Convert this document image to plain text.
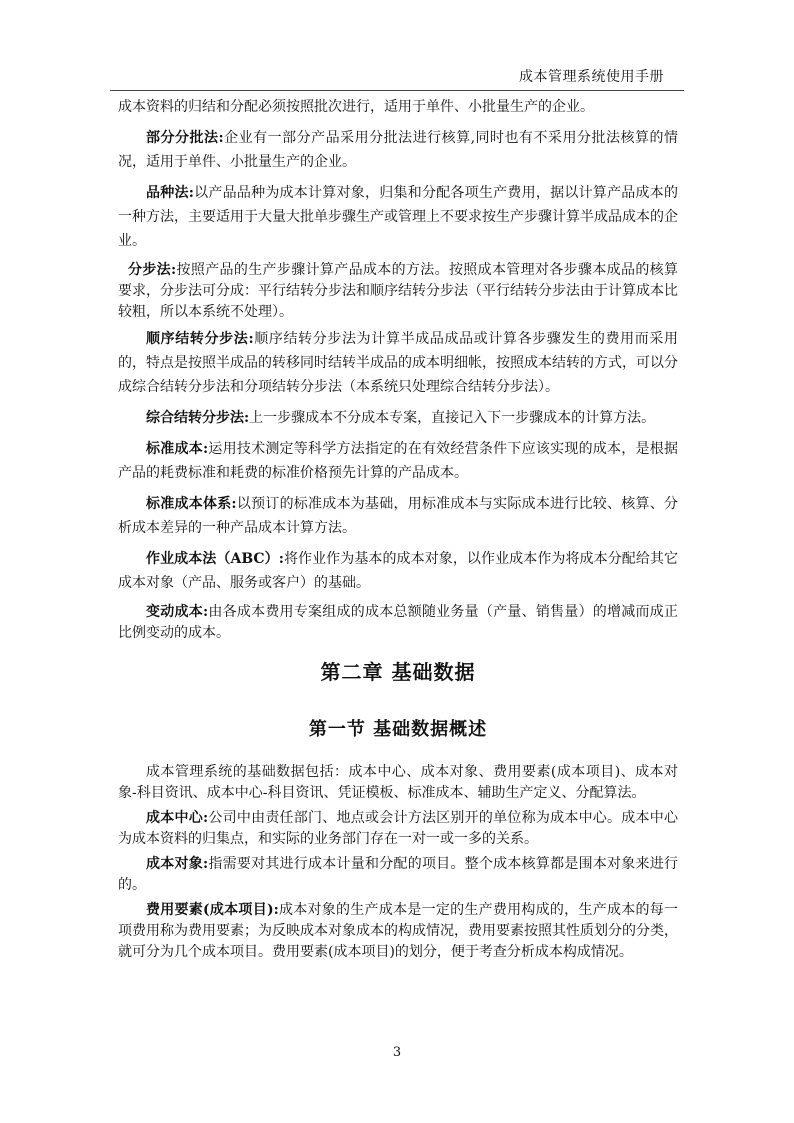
成本管理系统使用手册

成本资料的归结和分配必须按照批次进行，适用于单件、小批量生产的企业。

部分分批法:企业有一部分产品采用分批法进行核算,同时也有不采用分批法核算的情况，适用于单件、小批量生产的企业。

品种法:以产品品种为成本计算对象，归集和分配各项生产费用，据以计算产品成本的一种方法，主要适用于大量大批单步骤生产或管理上不要求按生产步骤计算半成品成本的企业。

分步法:按照产品的生产步骤计算产品成本的方法。按照成本管理对各步骤本成品的核算要求，分步法可分成：平行结转分步法和顺序结转分步法（平行结转分步法由于计算成本比较粗，所以本系统不处理）。

顺序结转分步法:顺序结转分步法为计算半成品成品或计算各步骤发生的费用而采用的，特点是按照半成品的转移同时结转半成品的成本明细帐，按照成本结转的方式，可以分成综合结转分步法和分项结转分步法（本系统只处理综合结转分步法）。

综合结转分步法:上一步骤成本不分成本专案，直接记入下一步骤成本的计算方法。

标准成本:运用技术测定等科学方法指定的在有效经营条件下应该实现的成本，是根据产品的耗费标准和耗费的标准价格预先计算的产品成本。

标准成本体系:以预订的标准成本为基础，用标准成本与实际成本进行比较、核算、分析成本差异的一种产品成本计算方法。

作业成本法（ABC）:将作业作为基本的成本对象，以作业成本作为将成本分配给其它成本对象（产品、服务或客户）的基础。

变动成本:由各成本费用专案组成的成本总额随业务量（产量、销售量）的增减而成正比例变动的成本。

第二章 基础数据
第一节 基础数据概述

成本管理系统的基础数据包括：成本中心、成本对象、费用要素(成本项目)、成本对象-科目资讯、成本中心-科目资讯、凭证模板、标准成本、辅助生产定义、分配算法。

成本中心:公司中由责任部门、地点或会计方法区别开的单位称为成本中心。成本中心为成本资料的归集点，和实际的业务部门存在一对一或一多的关系。

成本对象:指需要对其进行成本计量和分配的项目。整个成本核算都是围本对象来进行的。

费用要素(成本项目):成本对象的生产成本是一定的生产费用构成的，生产成本的每一项费用称为费用要素；为反映成本对象成本的构成情况，费用要素按照其性质划分的分类，就可分为几个成本项目。费用要素(成本项目)的划分，便于考查分析成本构成情况。

3
